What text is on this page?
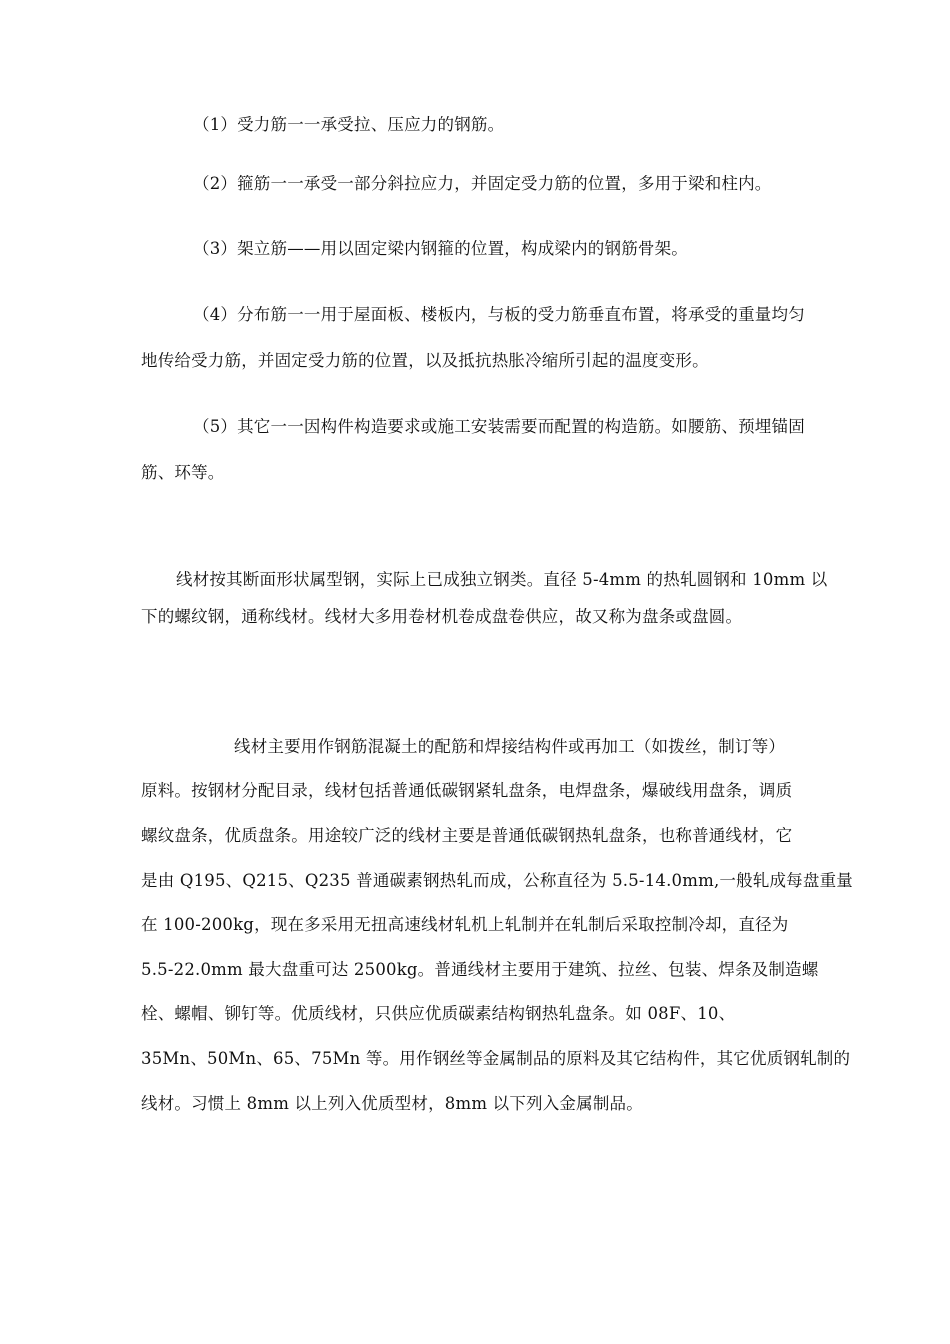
（1）受力筋一一承受拉、压应力的钢筋。

（2）箍筋一一承受一部分斜拉应力，并固定受力筋的位置，多用于梁和柱内。

（3）架立筋——用以固定梁内钢箍的位置，构成梁内的钢筋骨架。

（4）分布筋一一用于屋面板、楼板内，与板的受力筋垂直布置，将承受的重量均匀

地传给受力筋，并固定受力筋的位置，以及抵抗热胀冷缩所引起的温度变形。

（5）其它一一因构件构造要求或施工安装需要而配置的构造筋。如腰筋、预埋锚固

筋、环等。

线材按其断面形状属型钢，实际上已成独立钢类。直径 5-4mm 的热轧圆钢和 10mm 以

下的螺纹钢，通称线材。线材大多用卷材机卷成盘卷供应，故又称为盘条或盘圆。

线材主要用作钢筋混凝土的配筋和焊接结构件或再加工（如拨丝，制订等）

原料。按钢材分配目录，线材包括普通低碳钢紧轧盘条，电焊盘条，爆破线用盘条，调质

螺纹盘条，优质盘条。用途较广泛的线材主要是普通低碳钢热轧盘条，也称普通线材，它

是由 Q195、Q215、Q235 普通碳素钢热轧而成，公称直径为 5.5-14.0mm,一般轧成每盘重量

在 100-200kg，现在多采用无扭高速线材轧机上轧制并在轧制后采取控制冷却，直径为

5.5-22.0mm 最大盘重可达 2500kg。普通线材主要用于建筑、拉丝、包装、焊条及制造螺

栓、螺帽、铆钉等。优质线材，只供应优质碳素结构钢热轧盘条。如 08F、10、

35Mn、50Mn、65、75Mn 等。用作钢丝等金属制品的原料及其它结构件，其它优质钢轧制的

线材。习惯上 8mm 以上列入优质型材，8mm 以下列入金属制品。
